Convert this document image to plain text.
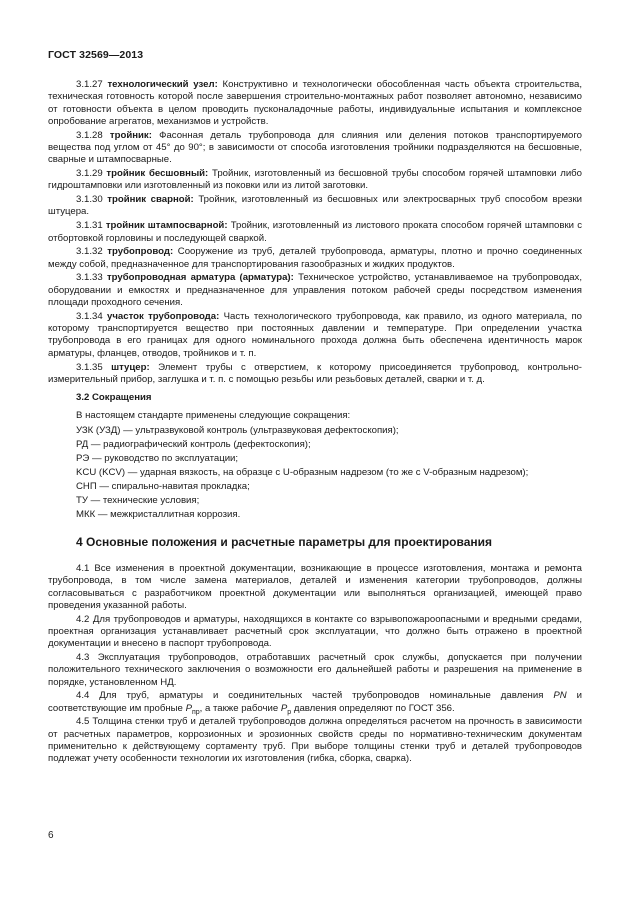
ГОСТ 32569—2013

3.1.27 технологический узел: Конструктивно и технологически обособленная часть объекта строительства, техническая готовность которой после завершения строительно-монтажных работ позволяет автономно, независимо от готовности объекта в целом проводить пусконаладочные работы, индивидуальные испытания и комплексное опробование агрегатов, механизмов и устройств.

3.1.28 тройник: Фасонная деталь трубопровода для слияния или деления потоков транспортируемого вещества под углом от 45° до 90°; в зависимости от способа изготовления тройники подразделяются на бесшовные, сварные и штампосварные.

3.1.29 тройник бесшовный: Тройник, изготовленный из бесшовной трубы способом горячей штамповки либо гидроштамповки или изготовленный из поковки или из литой заготовки.

3.1.30 тройник сварной: Тройник, изготовленный из бесшовных или электросварных труб способом врезки штуцера.

3.1.31 тройник штампосварной: Тройник, изготовленный из листового проката способом горячей штамповки с отбортовкой горловины и последующей сваркой.

3.1.32 трубопровод: Сооружение из труб, деталей трубопровода, арматуры, плотно и прочно соединенных между собой, предназначенное для транспортирования газообразных и жидких продуктов.

3.1.33 трубопроводная арматура (арматура): Техническое устройство, устанавливаемое на трубопроводах, оборудовании и емкостях и предназначенное для управления потоком рабочей среды посредством изменения площади проходного сечения.

3.1.34 участок трубопровода: Часть технологического трубопровода, как правило, из одного материала, по которому транспортируется вещество при постоянных давлении и температуре. При определении участка трубопровода в его границах для одного номинального прохода должна быть обеспечена идентичность марок арматуры, фланцев, отводов, тройников и т. п.

3.1.35 штуцер: Элемент трубы с отверстием, к которому присоединяется трубопровод, контрольно-измерительный прибор, заглушка и т. п. с помощью резьбы или резьбовых деталей, сварки и т. д.

3.2 Сокращения
В настоящем стандарте применены следующие сокращения:
УЗК (УЗД) — ультразвуковой контроль (ультразвуковая дефектоскопия);
РД — радиографический контроль (дефектоскопия);
РЭ — руководство по эксплуатации;
KCU (KCV) — ударная вязкость, на образце с U-образным надрезом (то же с V-образным надрезом);
СНП — спирально-навитая прокладка;
ТУ — технические условия;
МКК — межкристаллитная коррозия.
4 Основные положения и расчетные параметры для проектирования

4.1 Все изменения в проектной документации, возникающие в процессе изготовления, монтажа и ремонта трубопровода, в том числе замена материалов, деталей и изменения категории трубопроводов, должны согласовываться с разработчиком проектной документации или выполняться организацией, имеющей право проведения указанной работы.

4.2 Для трубопроводов и арматуры, находящихся в контакте со взрывопожароопасными и вредными средами, проектная организация устанавливает расчетный срок эксплуатации, что должно быть отражено в проектной документации и внесено в паспорт трубопровода.

4.3 Эксплуатация трубопроводов, отработавших расчетный срок службы, допускается при получении положительного технического заключения о возможности его дальнейшей работы и разрешения на применение в порядке, установленном НД.

4.4 Для труб, арматуры и соединительных частей трубопроводов номинальные давления PN и соответствующие им пробные $P_{пр}$, а также рабочие $P_р$ давления определяют по ГОСТ 356.

4.5 Толщина стенки труб и деталей трубопроводов должна определяться расчетом на прочность в зависимости от расчетных параметров, коррозионных и эрозионных свойств среды по нормативно-техническим документам применительно к действующему сортаменту труб. При выборе толщины стенки труб и деталей трубопроводов подлежат учету особенности технологии их изготовления (гибка, сборка, сварка).

6
